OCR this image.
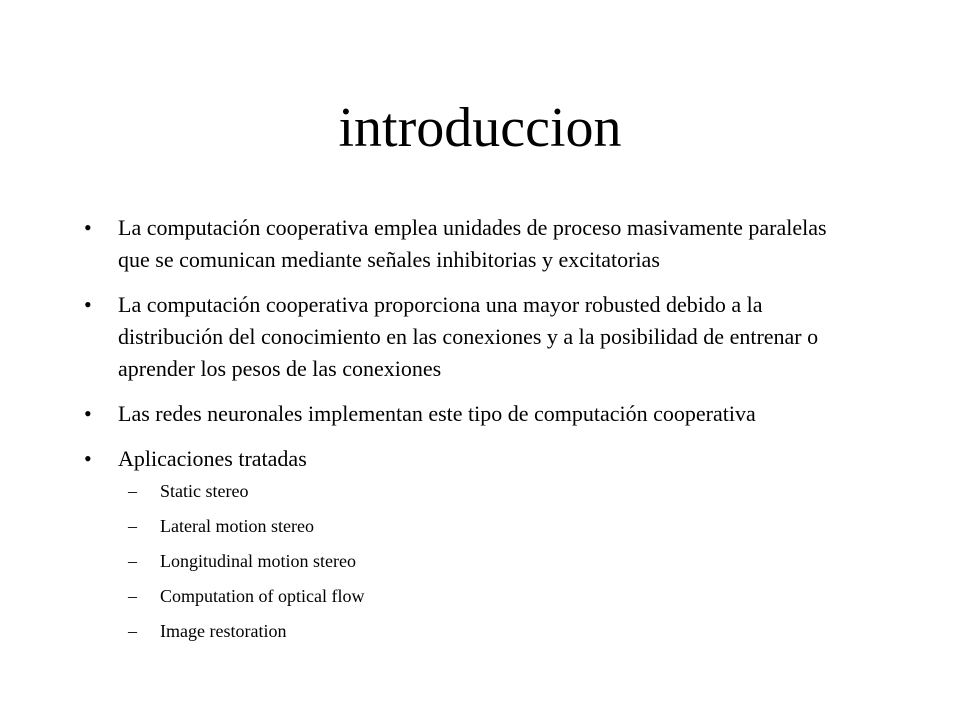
introduccion
• La computación cooperativa emplea unidades de proceso masivamente paralelas que se comunican mediante señales inhibitorias y excitatorias
• La computación cooperativa proporciona una mayor robusted debido a la distribución del conocimiento en las conexiones y a la posibilidad de entrenar o aprender los pesos de las conexiones
• Las redes neuronales implementan este tipo de computación cooperativa
• Aplicaciones tratadas
– Static stereo
– Lateral motion stereo
– Longitudinal motion stereo
– Computation of optical flow
– Image restoration
